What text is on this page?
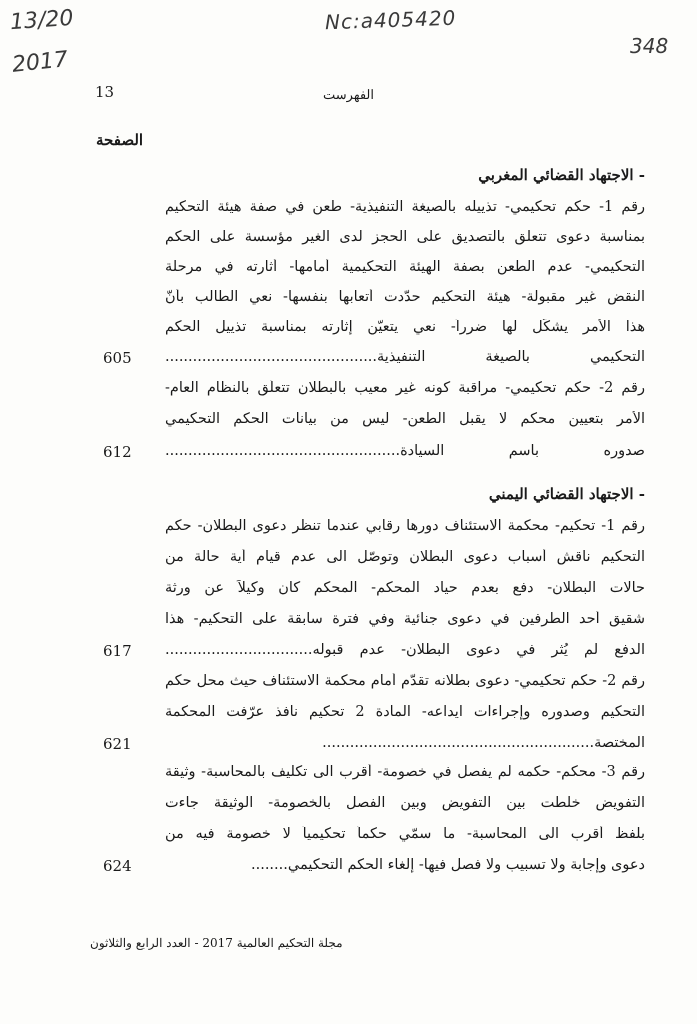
13/20
2017
Nc:a405420
348
13	الفهرست
الصفحة
- الاجتهاد القضائي المغربي
رقم 1- حكم تحكيمي- تذييله بالصيغة التنفيذية- طعن في صفة هيئة التحكيم
بمناسبة دعوى تتعلق بالتصديق على الحجز لدى الغير مؤسسة على الحكم
التحكيمي- عدم الطعن بصفة الهيئة التحكيمية أمامها- أثارته في مرحلة
النقض غير مقبولة- هيئة التحكيم حدّدت أتعابها بنفسها- نعي الطالب بأنّ
هذا الأمر يشكّل لها ضرراً- نعي يتعيّن إثارته بمناسبة تذييل الحكم
التحكيمي بالصيغة التنفيذية..............................................
605
رقم 2- حكم تحكيمي- مراقبة كونه غير معيب بالبطلان تتعلّق بالنظام العام-
الأمر بتعيين محكم لا يقبل الطعن- ليس من بيانات الحكم التحكيمي
صدوره باسم السيادة...................................................
612
- الاجتهاد القضائي اليمني
رقم 1- تحكيم- محكمة الاستئناف دورها رقابي عندما تنظر دعوى البطلان- حكم
التحكيم ناقش أسباب دعوى البطلان وتوصّل الى عدم قيام أية حالة من
حالات البطلان- دفع بعدم حياد المحكم- المحكم كان وكيلاً عن ورثة
شقيق أحد الطرفين في دعوى جنائية وفي فترة سابقة على التحكيم- هذا
الدفع لم يُثر في دعوى البطلان- عدم قبوله................................
617
رقم 2- حكم تحكيمي- دعوى بطلانه تقدّم أمام محكمة الاستئناف حيث محل حكم
التحكيم وصدوره وإجراءات ايداعه- المادة 2 تحكيم نافذ عرّفت المحكمة
المختصة...........................................................
621
رقم 3- محكم- حكمه لم يفصل في خصومة- أقرب الى تكليف بالمحاسبة- وثيقة
التفويض خلطت بين التفويض وبين الفصل بالخصومة- الوثيقة جاءت
بلفظ أقرب الى المحاسبة- ما سمّي حكماً تحكيمياً لا خصومة فيه من
دعوى وإجابة ولا تسبيب ولا فصل فيها- إلغاء الحكم التحكيمي........
624
مجلة التحكيم العالمية 2017 - العدد الرابع والثلاثون
